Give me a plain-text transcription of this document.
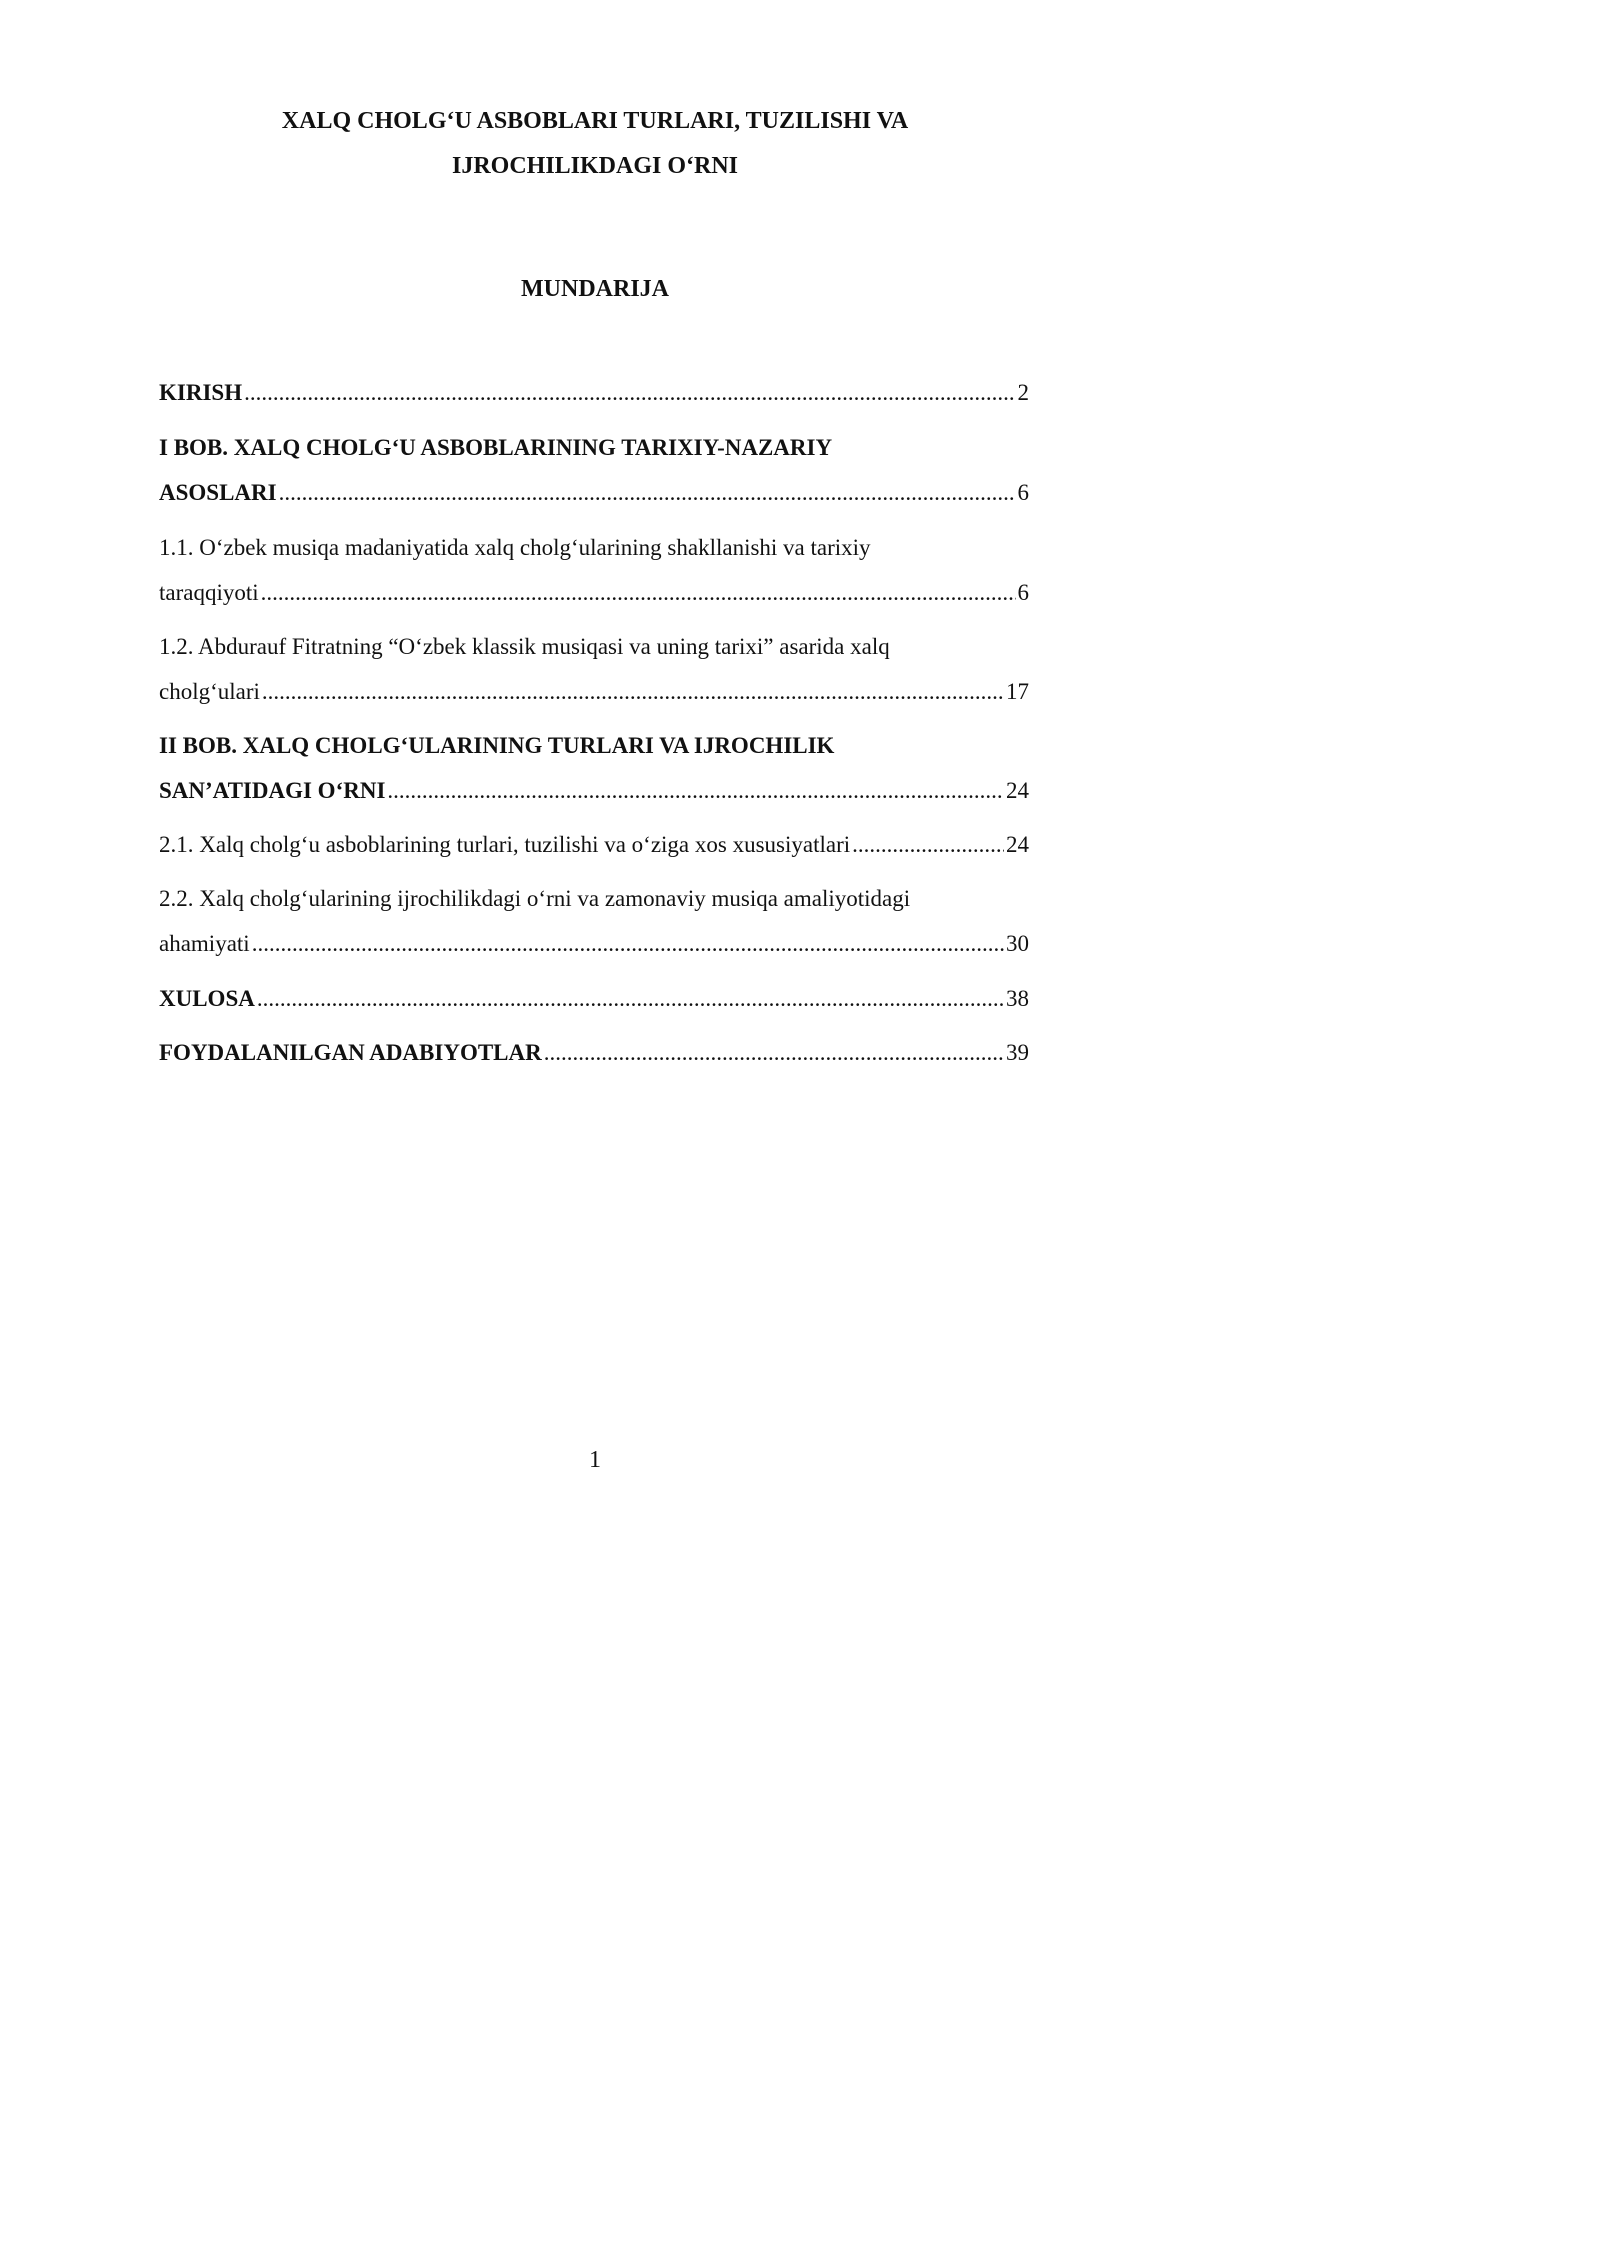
XALQ CHOLG‘U ASBOBLARI TURLARI, TUZILISHI VA
IJROCHILIKDAGI O‘RNI
MUNDARIJA
KIRISH .....	2
I BOB. XALQ CHOLG‘U ASBOBLARINING TARIXIY-NAZARIY
ASOSLARI .....	6
1.1. O‘zbek musiqa madaniyatida xalq cholg‘ularining shakllanishi va tarixiy
taraqqiyoti .....	6
1.2. Abdurauf Fitratning “O‘zbek klassik musiqasi va uning tarixi” asarida xalq
cholg‘ulari .....	17
II BOB. XALQ CHOLG‘ULARINING TURLARI VA IJROCHILIK
SAN’ATIDAGI O‘RNI .....	24
2.1. Xalq cholg‘u asboblarining turlari, tuzilishi va o‘ziga xos xususiyatlari .....	24
2.2. Xalq cholg‘ularining ijrochilikdagi o‘rni va zamonaviy musiqa amaliyotidagi
ahamiyati .....	30
XULOSA .....	38
FOYDALANILGAN ADABIYOTLAR .....	39
1
